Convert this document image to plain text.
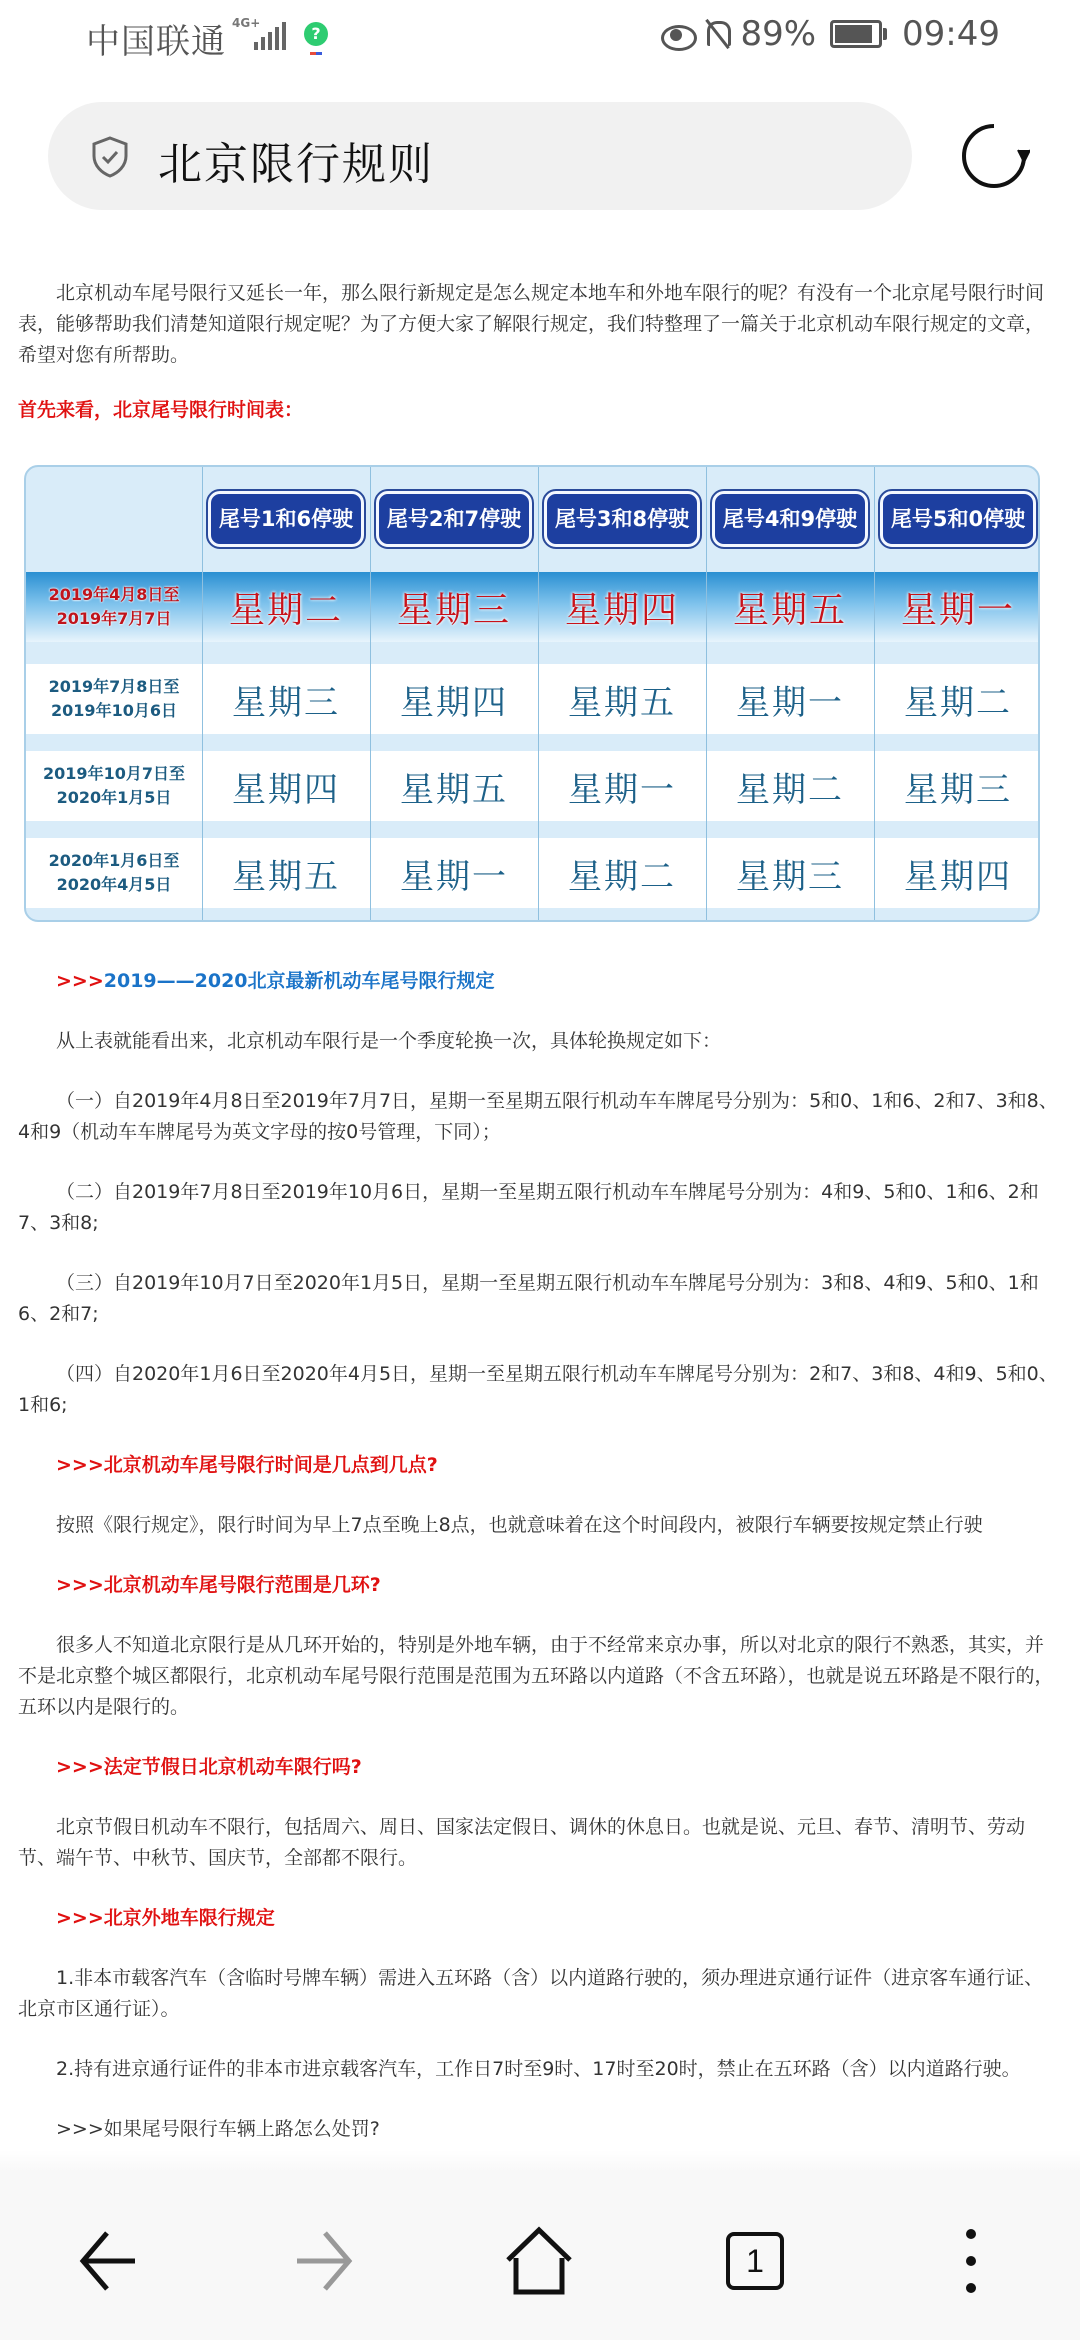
中国联通 4G+
?	89%	09:49
北京限行规则

北京机动车尾号限行又延长一年，那么限行新规定是怎么规定本地车和外地车限行的呢？有没有一个北京尾号限行时间表，能够帮助我们清楚知道限行规定呢？为了方便大家了解限行规定，我们特整理了一篇关于北京机动车限行规定的文章，希望对您有所帮助。

首先来看，北京尾号限行时间表：

尾号1和6停驶	尾号2和7停驶	尾号3和8停驶	尾号4和9停驶	尾号5和0停驶
2019年4月8日至
2019年7月7日	星期二	星期三	星期四	星期五	星期一
2019年7月8日至
2019年10月6日	星期三	星期四	星期五	星期一	星期二
2019年10月7日至
2020年1月5日	星期四	星期五	星期一	星期二	星期三
2020年1月6日至
2020年4月5日	星期五	星期一	星期二	星期三	星期四

>>>2019——2020北京最新机动车尾号限行规定

从上表就能看出来，北京机动车限行是一个季度轮换一次，具体轮换规定如下：

（一）自2019年4月8日至2019年7月7日，星期一至星期五限行机动车车牌尾号分别为：5和0、1和6、2和7、3和8、4和9（机动车车牌尾号为英文字母的按0号管理，下同）；

（二）自2019年7月8日至2019年10月6日，星期一至星期五限行机动车车牌尾号分别为：4和9、5和0、1和6、2和7、3和8;

（三）自2019年10月7日至2020年1月5日，星期一至星期五限行机动车车牌尾号分别为：3和8、4和9、5和0、1和6、2和7;

（四）自2020年1月6日至2020年4月5日，星期一至星期五限行机动车车牌尾号分别为：2和7、3和8、4和9、5和0、1和6;

>>>北京机动车尾号限行时间是几点到几点?

按照《限行规定》，限行时间为早上7点至晚上8点，也就意味着在这个时间段内，被限行车辆要按规定禁止行驶

>>>北京机动车尾号限行范围是几环?

很多人不知道北京限行是从几环开始的，特别是外地车辆，由于不经常来京办事，所以对北京的限行不熟悉，其实，并不是北京整个城区都限行，北京机动车尾号限行范围是范围为五环路以内道路（不含五环路），也就是说五环路是不限行的，五环以内是限行的。

>>>法定节假日北京机动车限行吗?

北京节假日机动车不限行，包括周六、周日、国家法定假日、调休的休息日。也就是说、元旦、春节、清明节、劳动节、端午节、中秋节、国庆节，全部都不限行。

>>>北京外地车限行规定

1.非本市载客汽车（含临时号牌车辆）需进入五环路（含）以内道路行驶的，须办理进京通行证件（进京客车通行证、北京市区通行证）。

2.持有进京通行证件的非本市进京载客汽车，工作日7时至9时、17时至20时，禁止在五环路（含）以内道路行驶。

>>>如果尾号限行车辆上路怎么处罚?

1
